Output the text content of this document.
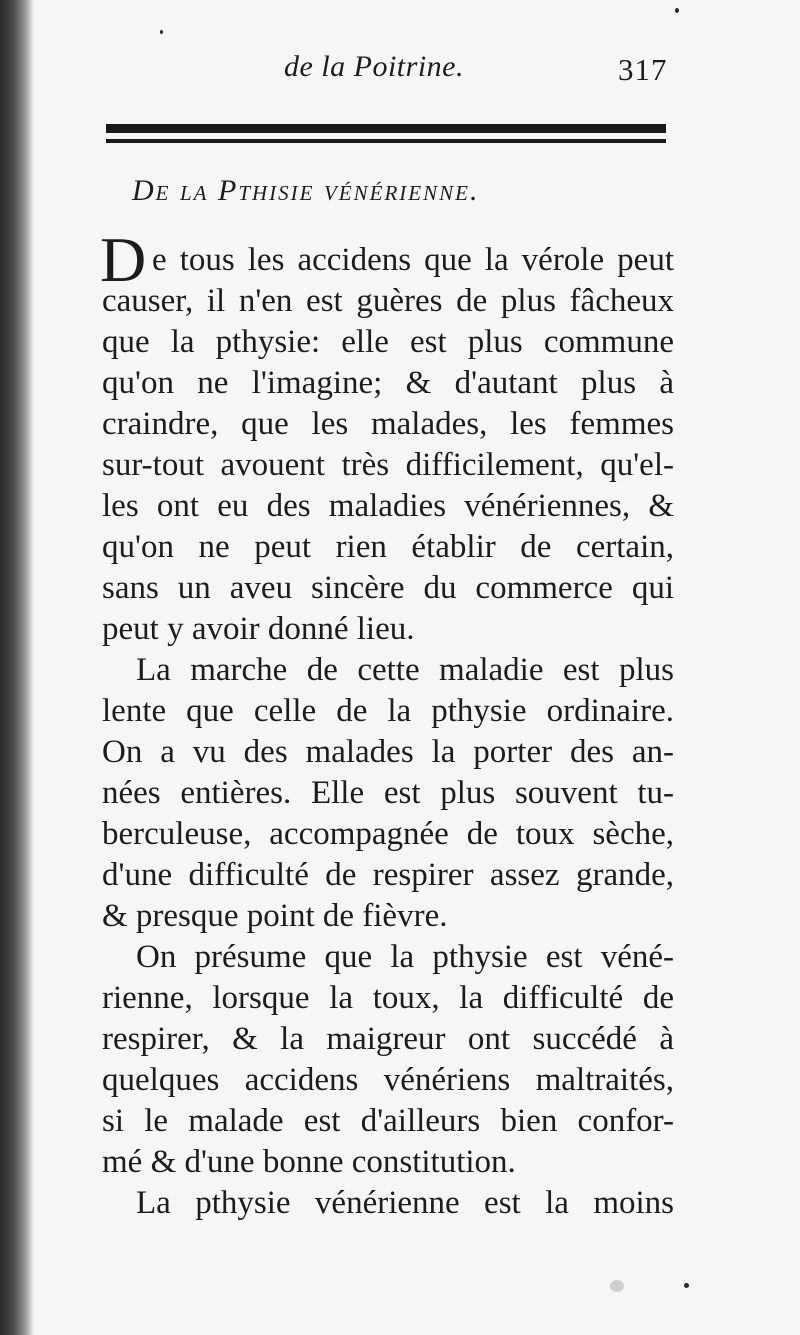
de la Poitrine.	317
De la Pthisie vénérienne.
D e tous les accidens que la vérole peut
causer, il n'en est guères de plus fâcheux
que la pthysie: elle est plus commune
qu'on ne l'imagine; & d'autant plus à
craindre, que les malades, les femmes
sur-tout avouent très difficilement, qu'el-
les ont eu des maladies vénériennes, &
qu'on ne peut rien établir de certain,
sans un aveu sincère du commerce qui
peut y avoir donné lieu.
La marche de cette maladie est plus
lente que celle de la pthysie ordinaire.
On a vu des malades la porter des an-
nées entières. Elle est plus souvent tu-
berculeuse, accompagnée de toux sèche,
d'une difficulté de respirer assez grande,
& presque point de fièvre.
On présume que la pthysie est véné-
rienne, lorsque la toux, la difficulté de
respirer, & la maigreur ont succédé à
quelques accidens vénériens maltraités,
si le malade est d'ailleurs bien confor-
mé & d'une bonne constitution.
La pthysie vénérienne est la moins
